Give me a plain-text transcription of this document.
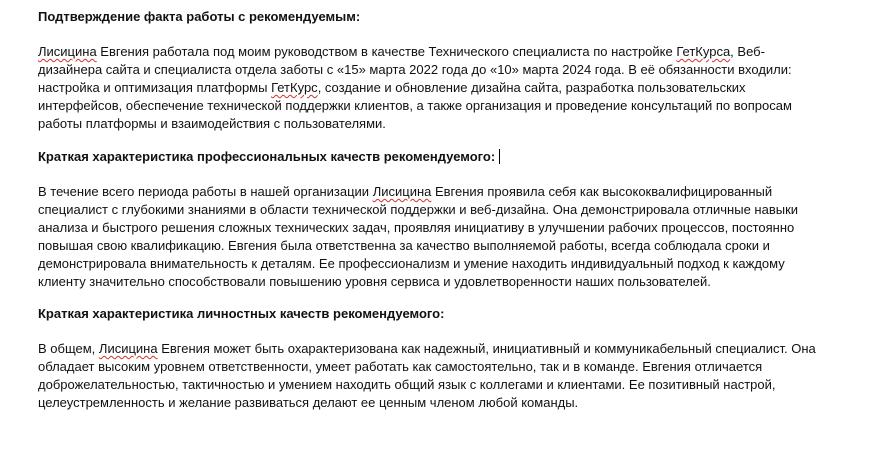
Подтверждение факта работы с рекомендуемым:

Лисицина Евгения работала под моим руководством в качестве Технического специалиста по настройке ГетКурса, Веб-дизайнера сайта и специалиста отдела заботы с «15» марта 2022 года до «10» марта 2024 года. В её обязанности входили: настройка и оптимизация платформы ГетКурс, создание и обновление дизайна сайта, разработка пользовательских интерфейсов, обеспечение технической поддержки клиентов, а также организация и проведение консультаций по вопросам работы платформы и взаимодействия с пользователями.

Краткая характеристика профессиональных качеств рекомендуемого:

В течение всего периода работы в нашей организации Лисицина Евгения проявила себя как высококвалифицированный специалист с глубокими знаниями в области технической поддержки и веб-дизайна. Она демонстрировала отличные навыки анализа и быстрого решения сложных технических задач, проявляя инициативу в улучшении рабочих процессов, постоянно повышая свою квалификацию. Евгения была ответственна за качество выполняемой работы, всегда соблюдала сроки и демонстрировала внимательность к деталям. Ее профессионализм и умение находить индивидуальный подход к каждому клиенту значительно способствовали повышению уровня сервиса и удовлетворенности наших пользователей.

Краткая характеристика личностных качеств рекомендуемого:

В общем, Лисицина Евгения может быть охарактеризована как надежный, инициативный и коммуникабельный специалист. Она обладает высоким уровнем ответственности, умеет работать как самостоятельно, так и в команде. Евгения отличается доброжелательностью, тактичностью и умением находить общий язык с коллегами и клиентами. Ее позитивный настрой, целеустремленность и желание развиваться делают ее ценным членом любой команды.
